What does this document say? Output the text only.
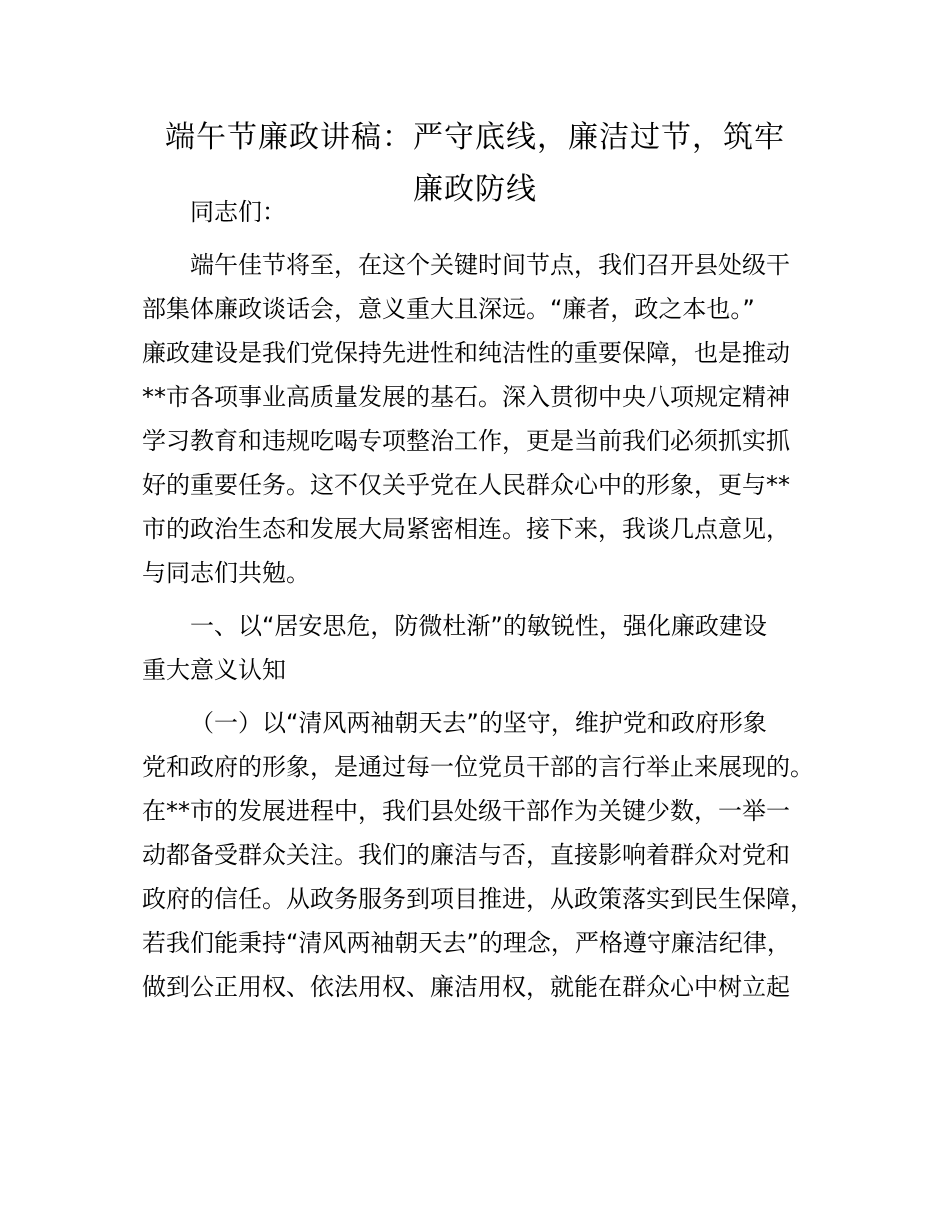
端午节廉政讲稿：严守底线，廉洁过节，筑牢
廉政防线
同志们：
端午佳节将至，在这个关键时间节点，我们召开县处级干
部集体廉政谈话会，意义重大且深远。“廉者，政之本也。”
廉政建设是我们党保持先进性和纯洁性的重要保障，也是推动
**市各项事业高质量发展的基石。深入贯彻中央八项规定精神
学习教育和违规吃喝专项整治工作，更是当前我们必须抓实抓
好的重要任务。这不仅关乎党在人民群众心中的形象，更与**
市的政治生态和发展大局紧密相连。接下来，我谈几点意见，
与同志们共勉。
一、以“居安思危，防微杜渐”的敏锐性，强化廉政建设
重大意义认知
（一）以“清风两袖朝天去”的坚守，维护党和政府形象
党和政府的形象，是通过每一位党员干部的言行举止来展现的。
在**市的发展进程中，我们县处级干部作为关键少数，一举一
动都备受群众关注。我们的廉洁与否，直接影响着群众对党和
政府的信任。从政务服务到项目推进，从政策落实到民生保障，
若我们能秉持“清风两袖朝天去”的理念，严格遵守廉洁纪律，
做到公正用权、依法用权、廉洁用权，就能在群众心中树立起
